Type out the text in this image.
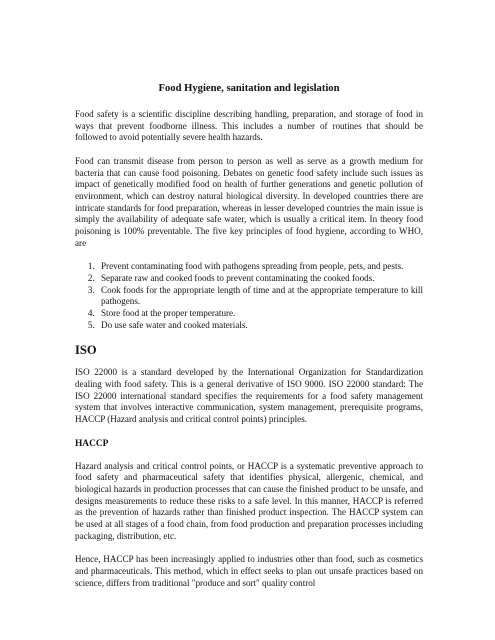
Food Hygiene, sanitation and legislation

Food safety is a scientific discipline describing handling, preparation, and storage of food in ways that prevent foodborne illness. This includes a number of routines that should be followed to avoid potentially severe health hazards.

Food can transmit disease from person to person as well as serve as a growth medium for bacteria that can cause food poisoning. Debates on genetic food safety include such issues as impact of genetically modified food on health of further generations and genetic pollution of environment, which can destroy natural biological diversity. In developed countries there are intricate standards for food preparation, whereas in lesser developed countries the main issue is simply the availability of adequate safe water, which is usually a critical item. In theory food poisoning is 100% preventable. The five key principles of food hygiene, according to WHO, are

1. Prevent contaminating food with pathogens spreading from people, pets, and pests.
2. Separate raw and cooked foods to prevent contaminating the cooked foods.
3. Cook foods for the appropriate length of time and at the appropriate temperature to kill pathogens.
4. Store food at the proper temperature.
5. Do use safe water and cooked materials.
ISO

ISO 22000 is a standard developed by the International Organization for Standardization dealing with food safety. This is a general derivative of ISO 9000. ISO 22000 standard: The ISO 22000 international standard specifies the requirements for a food safety management system that involves interactive communication, system management, prerequisite programs, HACCP (Hazard analysis and critical control points) principles.

HACCP

Hazard analysis and critical control points, or HACCP is a systematic preventive approach to food safety and pharmaceutical safety that identifies physical, allergenic, chemical, and biological hazards in production processes that can cause the finished product to be unsafe, and designs measurements to reduce these risks to a safe level. In this manner, HACCP is referred as the prevention of hazards rather than finished product inspection. The HACCP system can be used at all stages of a food chain, from food production and preparation processes including packaging, distribution, etc.

Hence, HACCP has been increasingly applied to industries other than food, such as cosmetics and pharmaceuticals. This method, which in effect seeks to plan out unsafe practices based on science, differs from traditional "produce and sort" quality control
